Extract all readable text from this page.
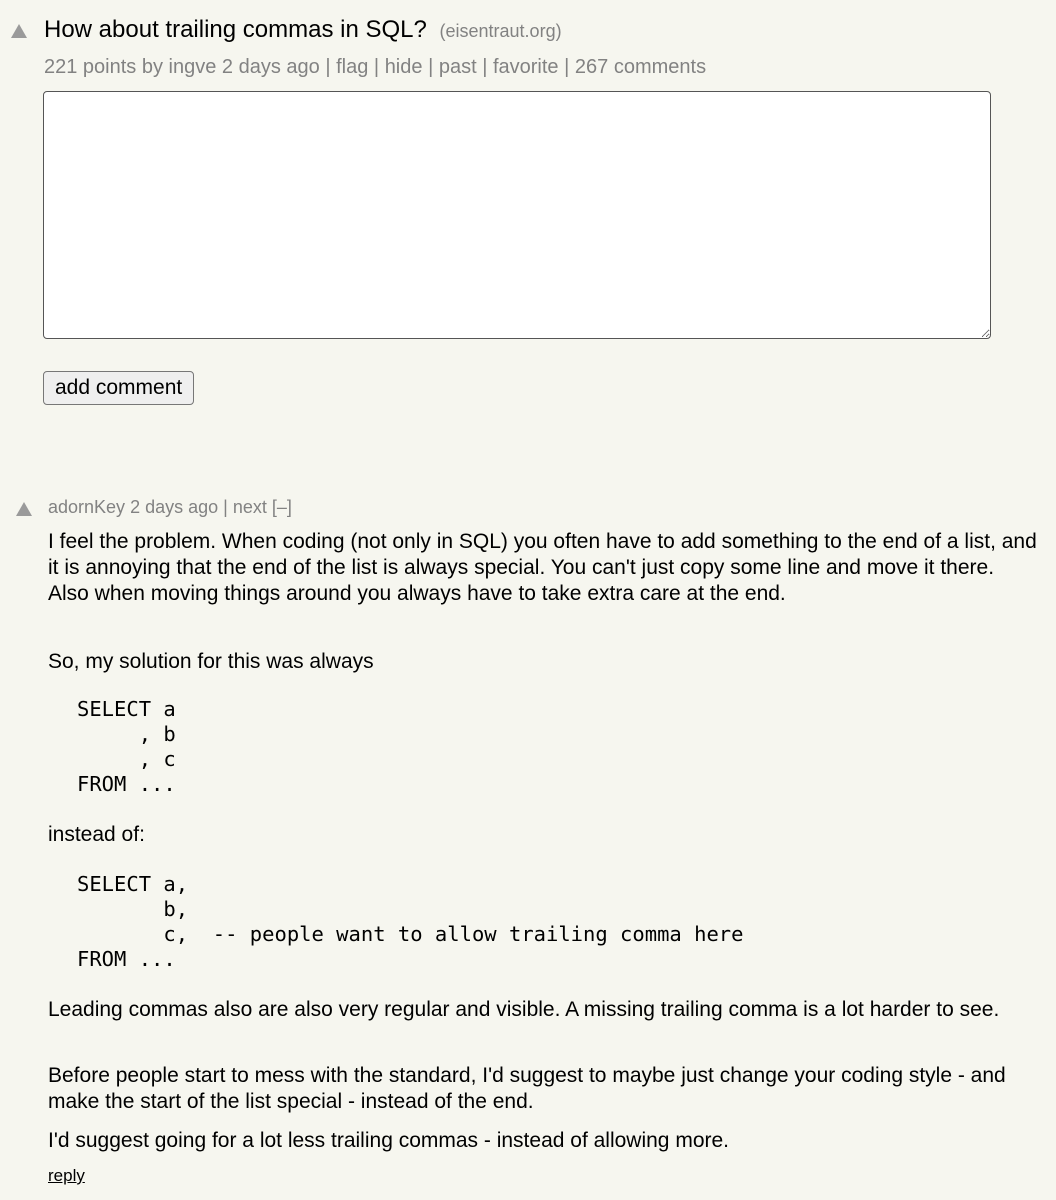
How about trailing commas in SQL? (eisentraut.org)
221 points by ingve 2 days ago | flag | hide | past | favorite | 267 comments
add comment
adornKey 2 days ago | next [–]

I feel the problem. When coding (not only in SQL) you often have to add something to the end of a list, and it is annoying that the end of the list is always special. You can't just copy some line and move it there. Also when moving things around you always have to take extra care at the end.

So, my solution for this was always

SELECT a
, b
, c
FROM ...

instead of:

SELECT a,
b,
c,  -- people want to allow trailing comma here
FROM ...

Leading commas also are also very regular and visible. A missing trailing comma is a lot harder to see.

Before people start to mess with the standard, I'd suggest to maybe just change your coding style - and make the start of the list special - instead of the end.

I'd suggest going for a lot less trailing commas - instead of allowing more.

reply
